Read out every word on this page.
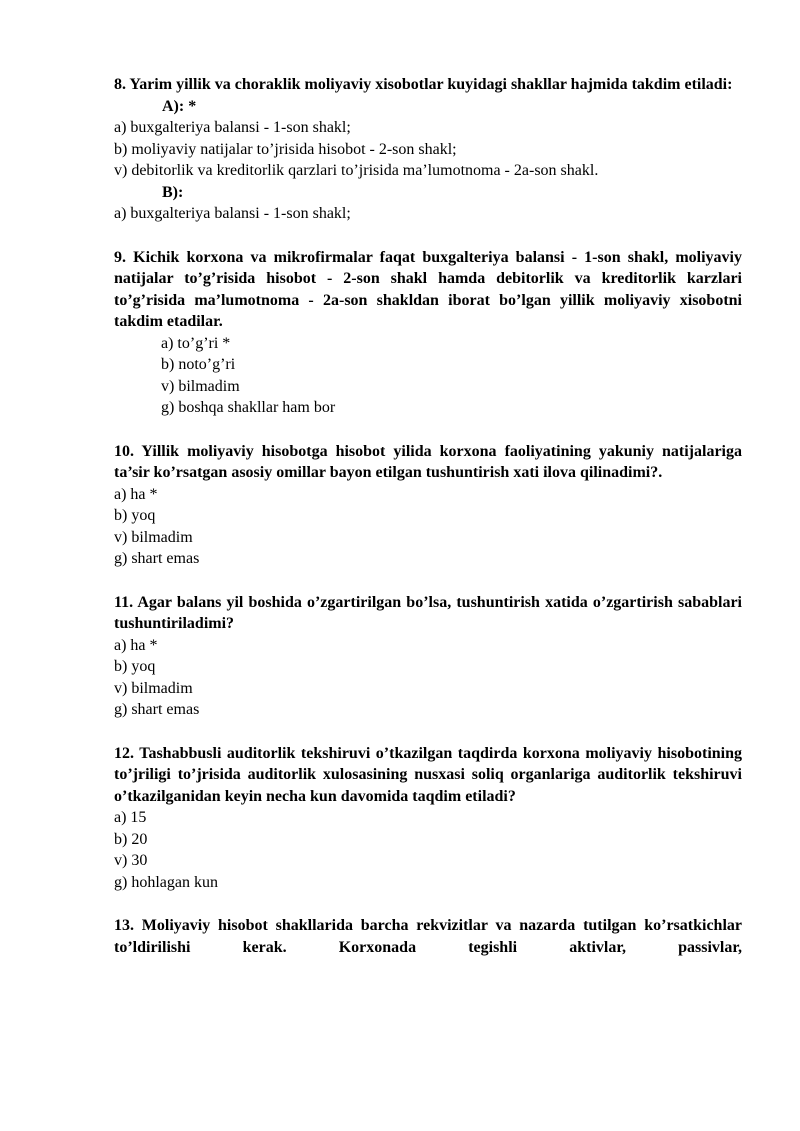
8. Yarim yillik va choraklik moliyaviy xisobotlar kuyidagi shakllar hajmida takdim etiladi:

A): *

a) buxgalteriya balansi - 1-son shakl;

b) moliyaviy natijalar to’jrisida hisobot - 2-son shakl;

v) debitorlik va kreditorlik qarzlari to’jrisida ma’lumotnoma - 2a-son shakl.

B):

a) buxgalteriya balansi - 1-son shakl;

9. Kichik korxona va mikrofirmalar faqat buxgalteriya balansi - 1-son shakl, moliyaviy natijalar to’g’risida hisobot - 2-son shakl hamda debitorlik va kreditorlik karzlari to’g’risida ma’lumotnoma - 2a-son shakldan iborat bo’lgan yillik moliyaviy xisobotni takdim etadilar.

a) to’g’ri *

b) noto’g’ri

v) bilmadim

g) boshqa shakllar ham bor

10. Yillik moliyaviy hisobotga hisobot yilida korxona faoliyatining yakuniy natijalariga ta’sir ko’rsatgan asosiy omillar bayon etilgan tushuntirish xati ilova qilinadimi?.

a) ha *

b) yoq

v) bilmadim

g) shart emas

11. Agar balans yil boshida o’zgartirilgan bo’lsa, tushuntirish xatida o’zgartirish sabablari tushuntiriladimi?

a) ha *

b) yoq

v) bilmadim

g) shart emas

12. Tashabbusli auditorlik tekshiruvi o’tkazilgan taqdirda korxona moliyaviy hisobotining to’jriligi to’jrisida auditorlik xulosasining nusxasi soliq organlariga auditorlik tekshiruvi o’tkazilganidan keyin necha kun davomida taqdim etiladi?

a) 15

b) 20

v) 30

g) hohlagan kun

13. Moliyaviy hisobot shakllarida barcha rekvizitlar va nazarda tutilgan ko’rsatkichlar to’ldirilishi kerak. Korxonada tegishli aktivlar, passivlar,
